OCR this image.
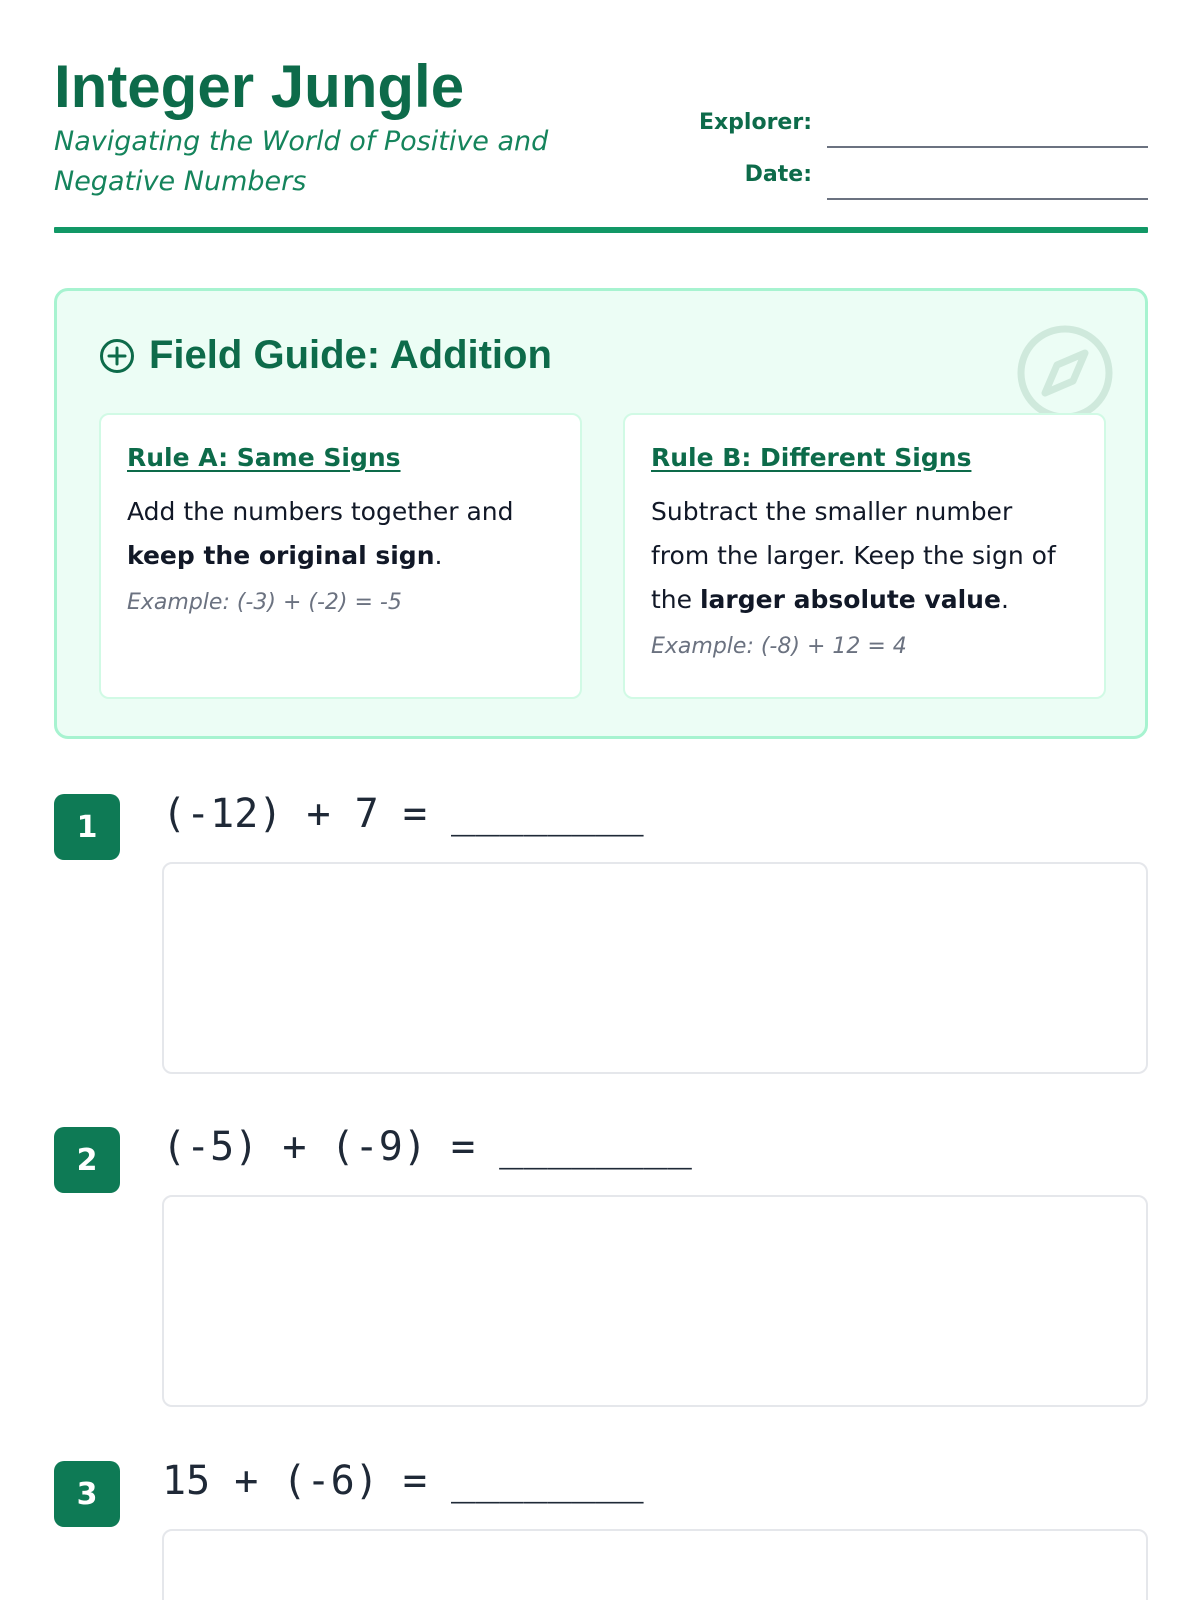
Integer Jungle
Navigating the World of Positive and Negative Numbers
Explorer:
Date:
Field Guide: Addition
Rule A: Same Signs
Add the numbers together and keep the original sign.
Example: (-3) + (-2) = -5
Rule B: Different Signs
Subtract the smaller number from the larger. Keep the sign of the larger absolute value.
Example: (-8) + 12 = 4
1	(-12) + 7 = ________
2	(-5) + (-9) = ________
3	15 + (-6) = ________
